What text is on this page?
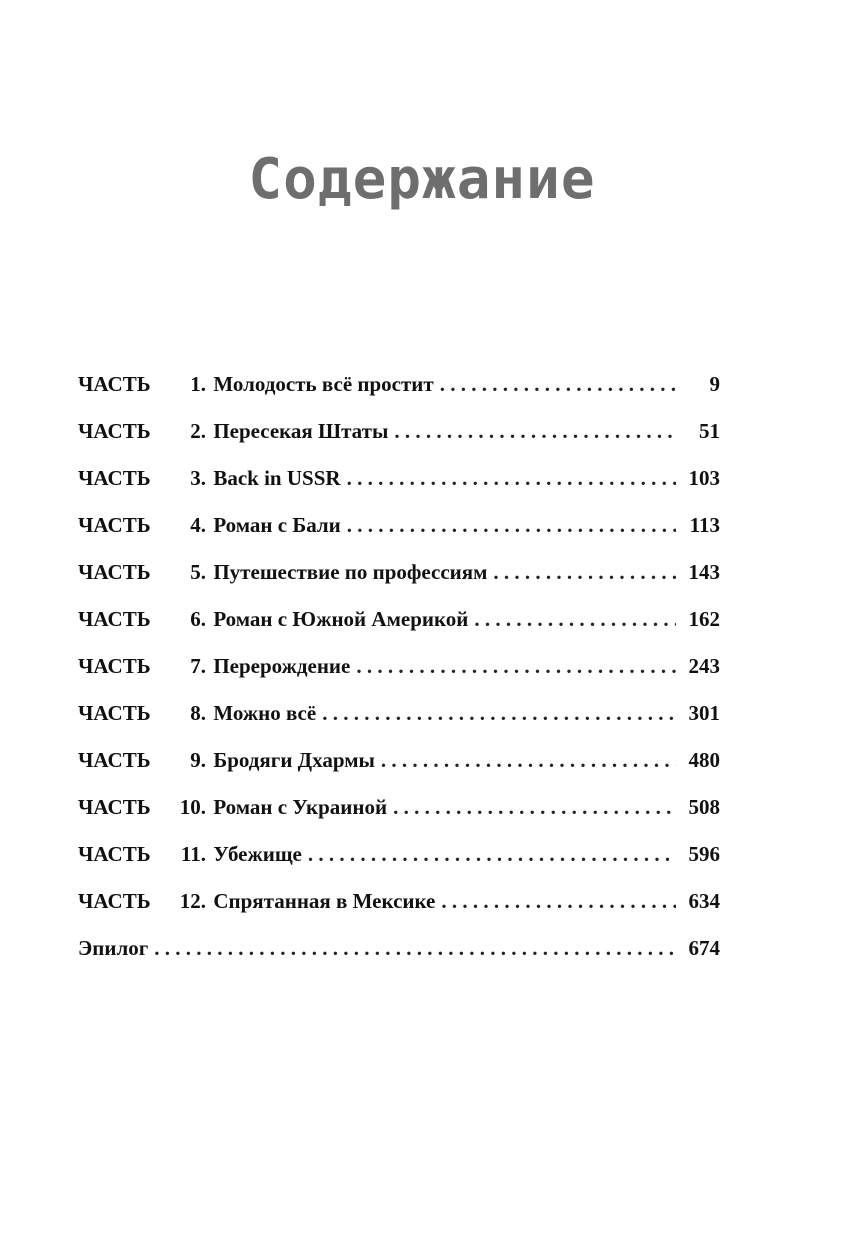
Содержание
ЧАСТЬ	1. Молодость всё простит . . .	9
ЧАСТЬ	2. Пересекая Штаты . . .	51
ЧАСТЬ	3. Back in USSR . . .	103
ЧАСТЬ	4. Роман с Бали . . .	113
ЧАСТЬ	5. Путешествие по профессиям . . .	143
ЧАСТЬ	6. Роман с Южной Америкой . . .	162
ЧАСТЬ	7. Перерождение . . .	243
ЧАСТЬ	8. Можно всё . . .	301
ЧАСТЬ	9. Бродяги Дхармы . . .	480
ЧАСТЬ	10. Роман с Украиной . . .	508
ЧАСТЬ	11. Убежище . . .	596
ЧАСТЬ	12. Спрятанная в Мексике . . .	634
Эпилог . . .	674
